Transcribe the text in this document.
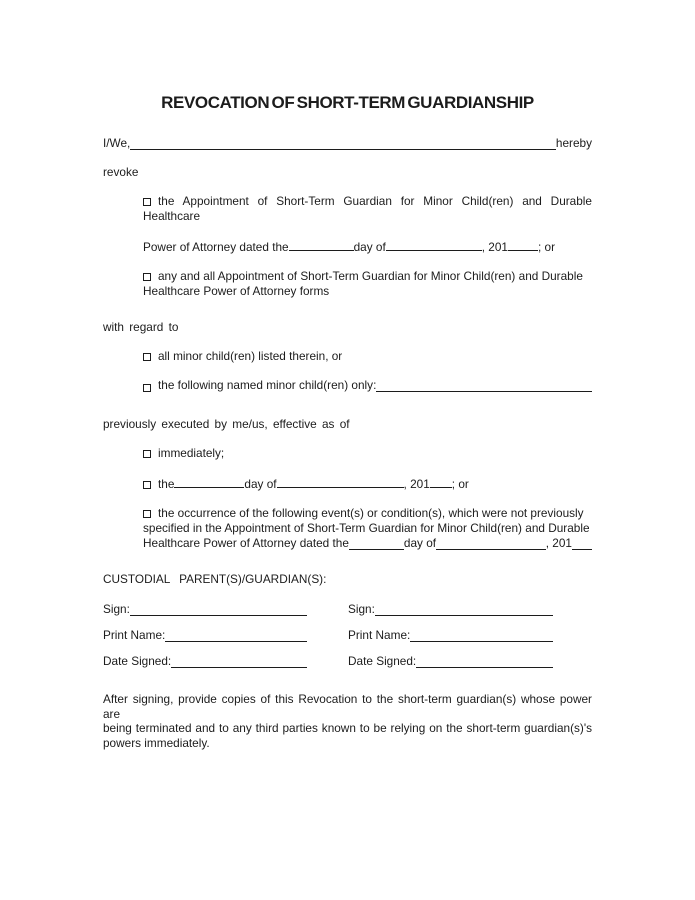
REVOCATION OF SHORT-TERM GUARDIANSHIP
I/We,	hereby
revoke
the Appointment of Short-Term Guardian for Minor Child(ren) and Durable Healthcare
Power of Attorney dated the	day of	, 201	; or
any and all Appointment of Short-Term Guardian for Minor Child(ren) and Durable
Healthcare Power of Attorney forms
with regard to
all minor child(ren) listed therein, or
the following named minor child(ren) only:
previously executed by me/us, effective as of
immediately;
the	day of	, 201 ; or
the occurrence of the following event(s) or condition(s), which were not previously
specified in the Appointment of Short-Term Guardian for Minor Child(ren) and Durable
Healthcare Power of Attorney dated the	day of	, 201
CUSTODIAL PARENT(S)/GUARDIAN(S):
Sign:	Sign:
Print Name:	Print Name:
Date Signed:	Date Signed:
After signing, provide copies of this Revocation to the short-term guardian(s) whose power are
being terminated and to any third parties known to be relying on the short-term guardian(s)'s
powers immediately.
